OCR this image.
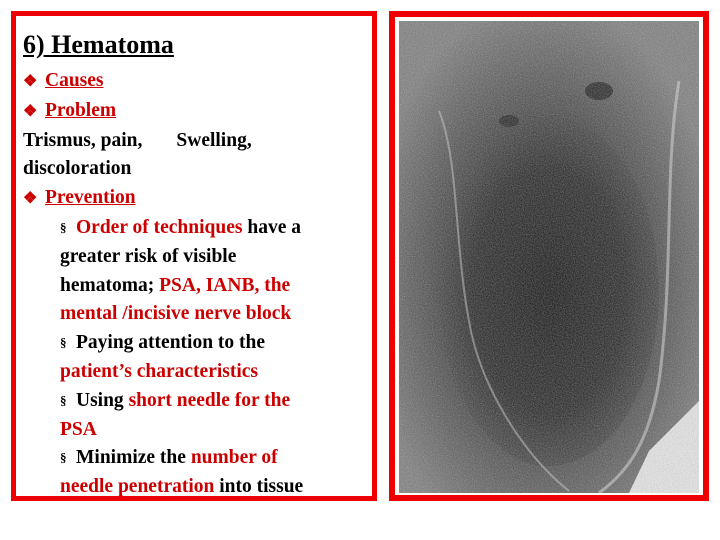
6) Hematoma
❖ Causes
❖ Problem
Trismus, pain, Swelling,
discoloration
❖ Prevention
§ Order of techniques have a
greater risk of visible
hematoma; PSA, IANB, the
mental /incisive nerve block
§ Paying attention to the
patient’s characteristics
§ Using short needle for the
PSA
§ Minimize the number of
needle penetration into tissue
